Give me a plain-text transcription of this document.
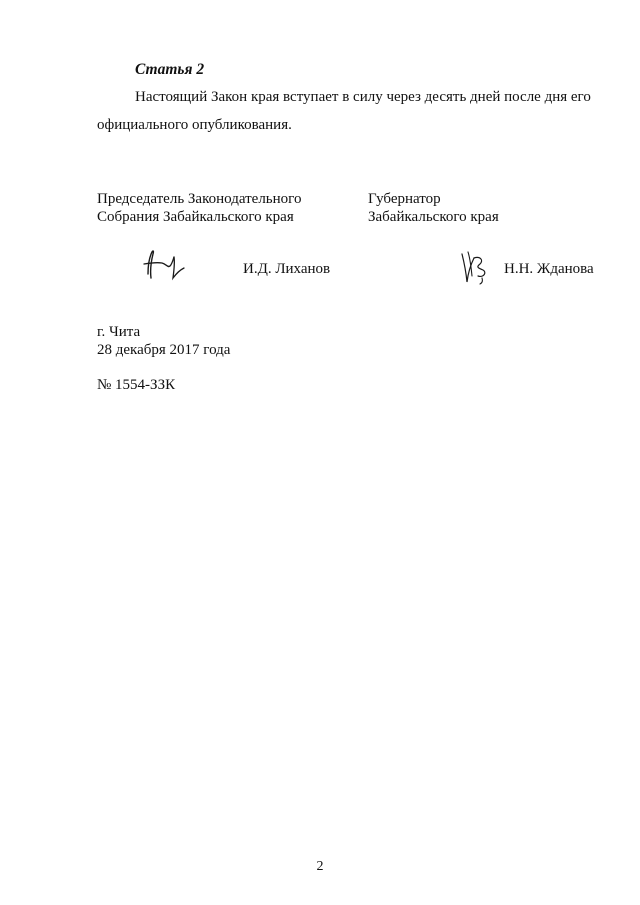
Статья 2
Настоящий Закон края вступает в силу через десять дней после дня его
официального опубликования.
Председатель Законодательного
Собрания Забайкальского края
Губернатор
Забайкальского края
И.Д. Лиханов	Н.Н. Жданова
г. Чита
28 декабря 2017 года
№ 1554-ЗЗК
2
